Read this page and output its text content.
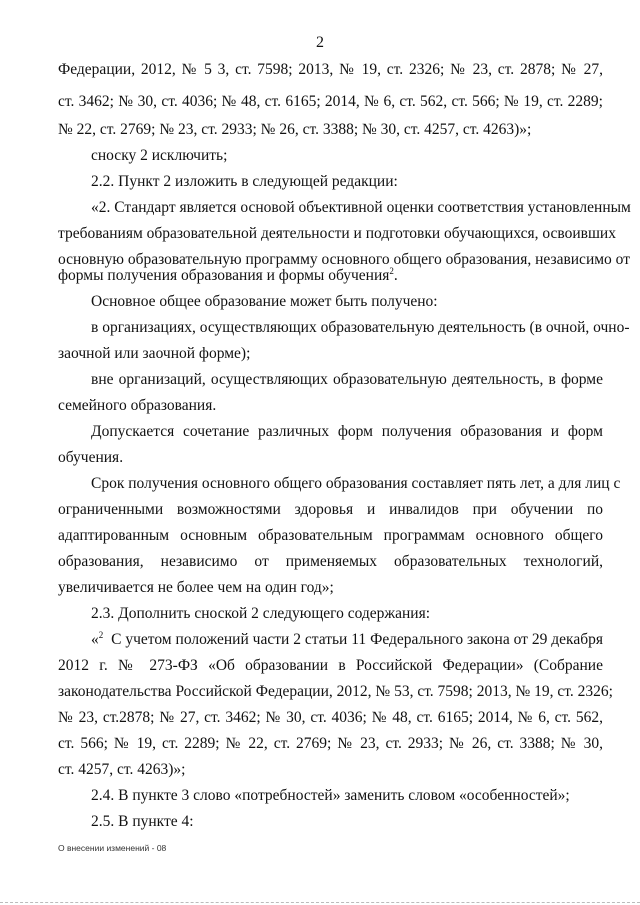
2
Федерации, 2012, № 5 3, ст. 7598; 2013, № 19, ст. 2326; № 23, ст. 2878; № 27,
ст. 3462; № 30, ст. 4036; № 48, ст. 6165; 2014, № 6, ст. 562, ст. 566; № 19, ст. 2289;
№ 22, ст. 2769; № 23, ст. 2933; № 26, ст. 3388; № 30, ст. 4257, ст. 4263)»;
сноску 2 исключить;
2.2. Пункт 2 изложить в следующей редакции:
«2. Стандарт является основой объективной оценки соответствия установленным
требованиям образовательной деятельности и подготовки обучающихся, освоивших
основную образовательную программу основного общего образования, независимо от
формы получения образования и формы обучения$^2$.
Основное общее образование может быть получено:
в организациях, осуществляющих образовательную деятельность (в очной, очно-
заочной или заочной форме);
вне организаций, осуществляющих образовательную деятельность, в форме
семейного образования.
Допускается сочетание различных форм получения образования и форм
обучения.
Срок получения основного общего образования составляет пять лет, а для лиц с
ограниченными возможностями здоровья и инвалидов при обучении по
адаптированным основным образовательным программам основного общего
образования, независимо от применяемых образовательных технологий,
увеличивается не более чем на один год»;
2.3. Дополнить сноской 2 следующего содержания:
«$^2$ С учетом положений части 2 статьи 11 Федерального закона от 29 декабря
2012 г. № 273-ФЗ «Об образовании в Российской Федерации» (Собрание
законодательства Российской Федерации, 2012, № 53, ст. 7598; 2013, № 19, ст. 2326;
№ 23, ст.2878; № 27, ст. 3462; № 30, ст. 4036; № 48, ст. 6165; 2014, № 6, ст. 562,
ст. 566; № 19, ст. 2289; № 22, ст. 2769; № 23, ст. 2933; № 26, ст. 3388; № 30,
ст. 4257, ст. 4263)»;
2.4. В пункте 3 слово «потребностей» заменить словом «особенностей»;
2.5. В пункте 4:
О внесении изменений - 08
